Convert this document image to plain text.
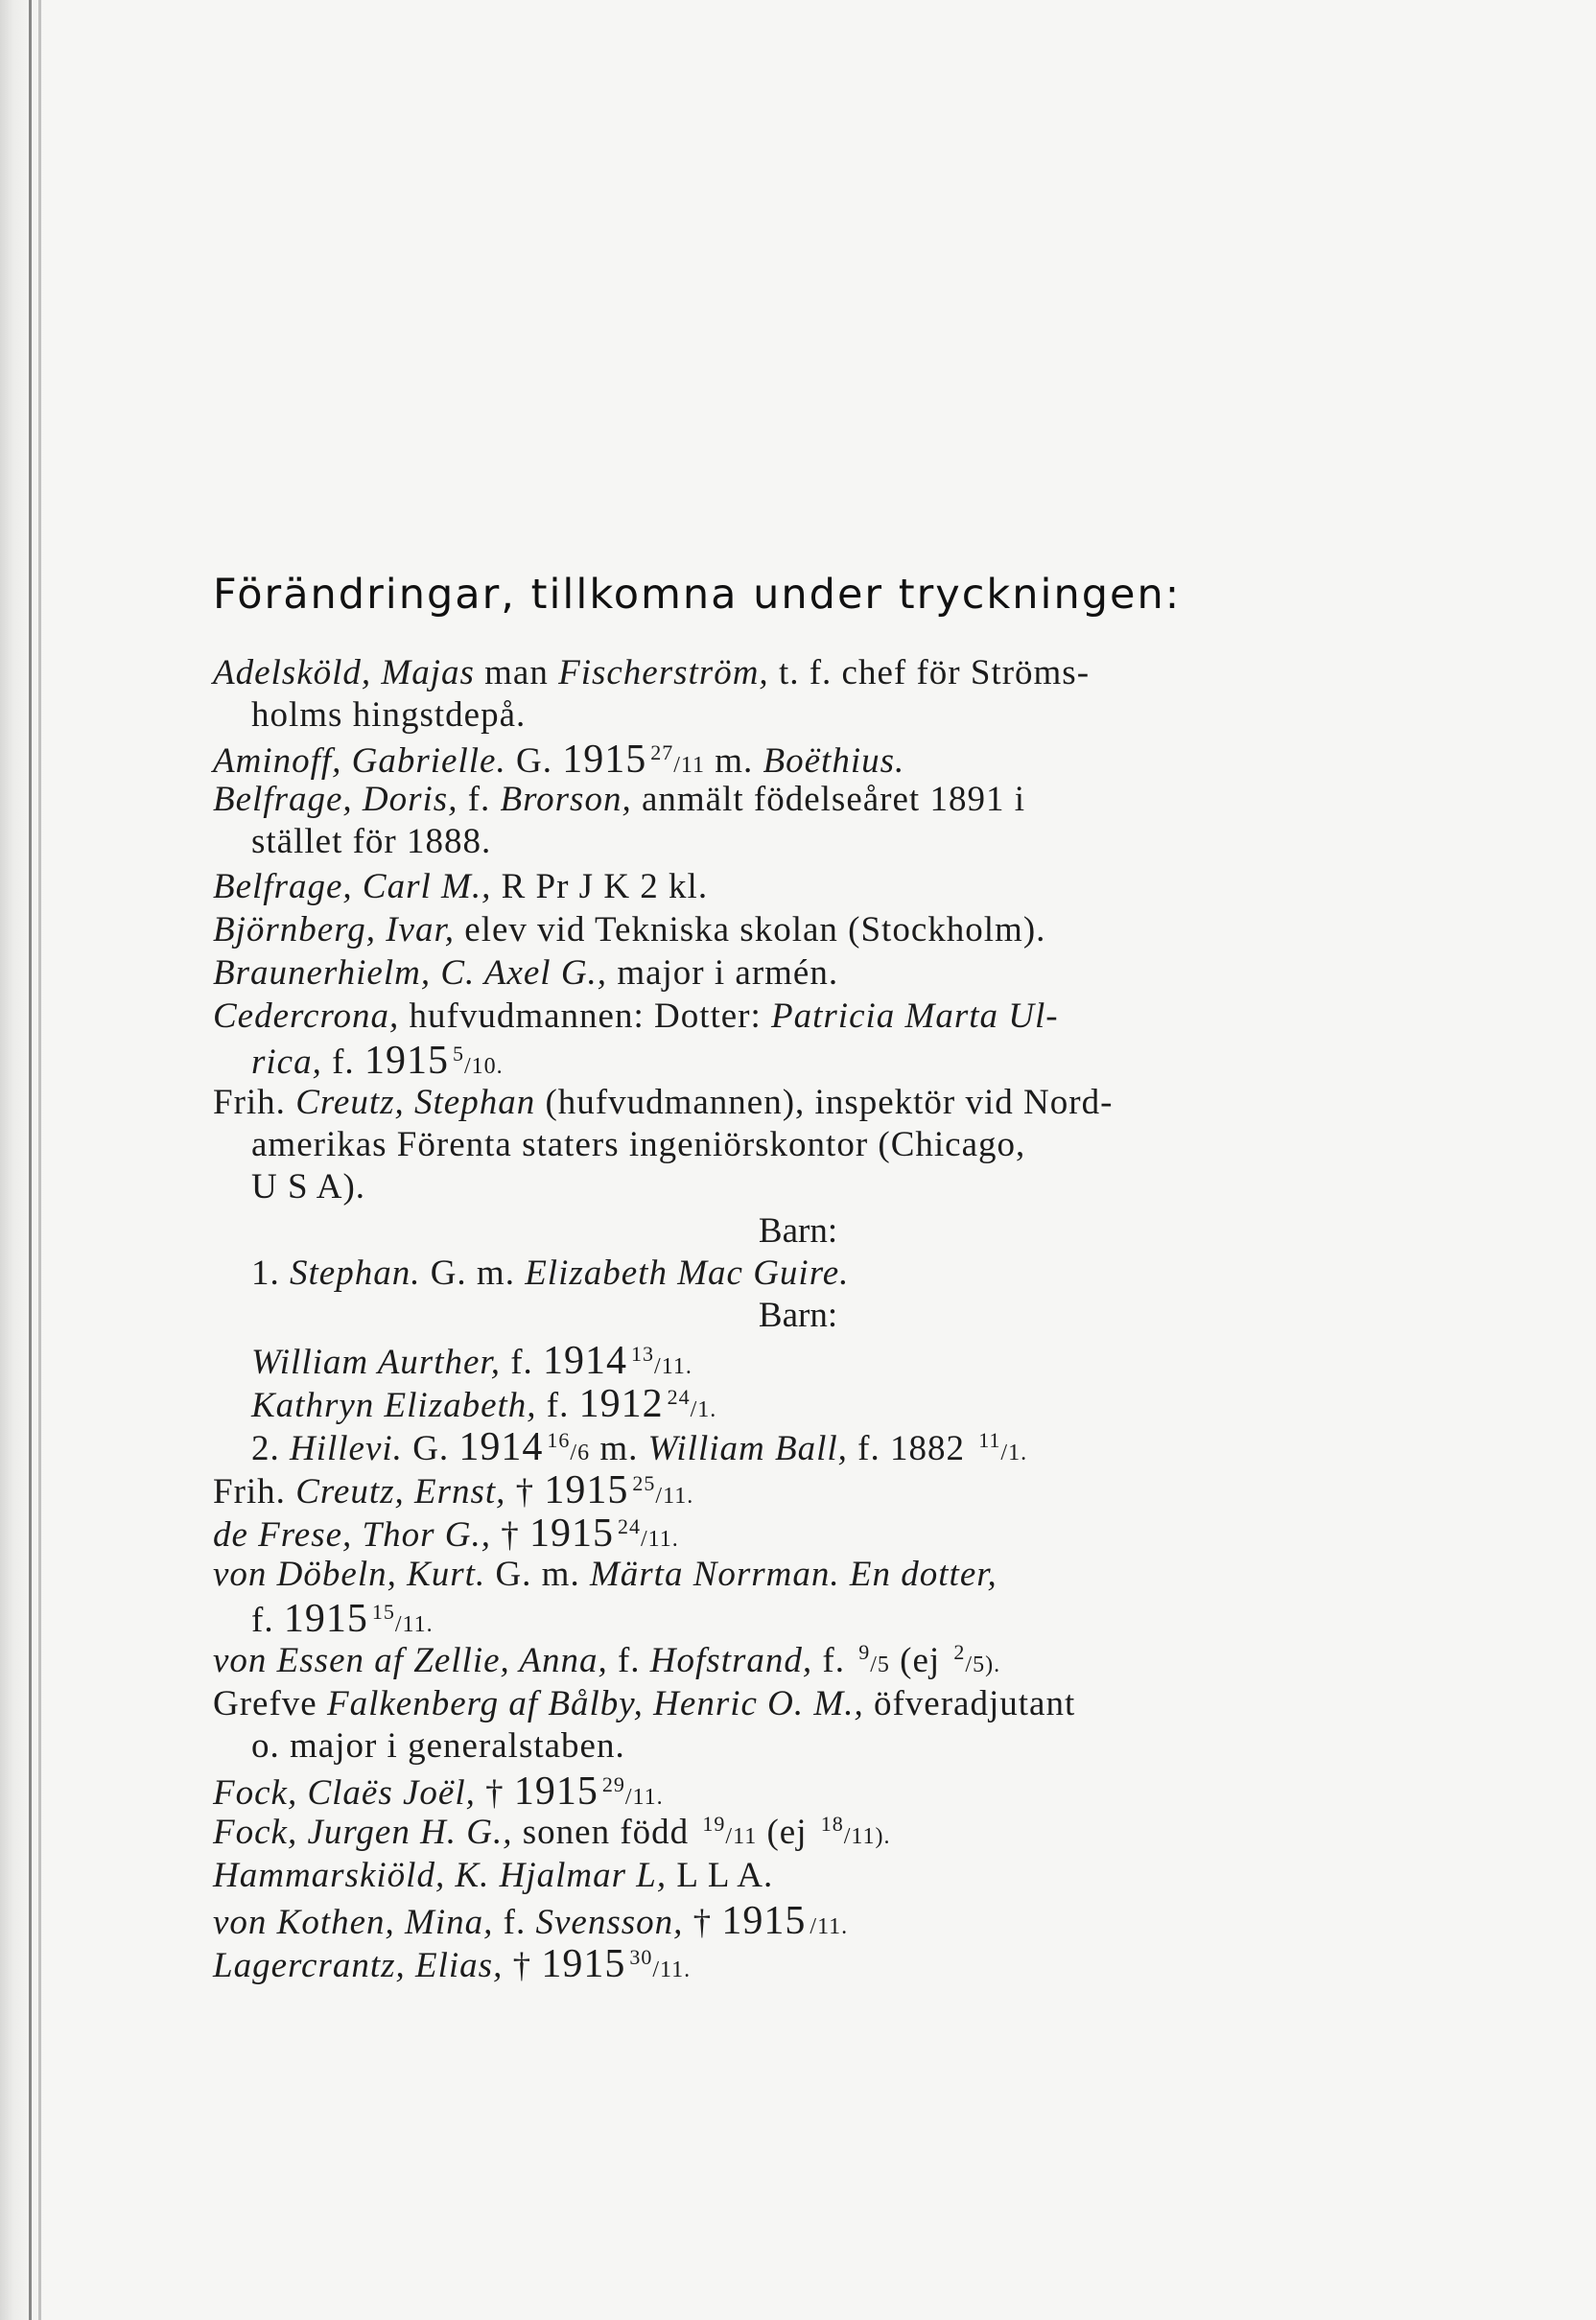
Förändringar, tillkomna under tryckningen:
Adelsköld, Majas man Fischerström, t. f. chef för Ströms-
holms hingstdepå.
Aminoff, Gabrielle. G. 1915 $^{27}$/11 m. Boëthius.
Belfrage, Doris, f. Brorson, anmält födelseåret 1891 i
stället för 1888.
Belfrage, Carl M., R Pr J K 2 kl.
Björnberg, Ivar, elev vid Tekniska skolan (Stockholm).
Braunerhielm, C. Axel G., major i armén.
Cedercrona, hufvudmannen: Dotter: Patricia Marta Ul-
rica, f. 1915 $^5$/10.
Frih. Creutz, Stephan (hufvudmannen), inspektör vid Nord-
amerikas Förenta staters ingeniörskontor (Chicago,
U S A).
Barn:
1. Stephan. G. m. Elizabeth Mac Guire.
Barn:
William Aurther, f. 1914 $^{13}$/11.
Kathryn Elizabeth, f. 1912 $^{24}$/1.
2. Hillevi. G. 1914 $^{16}$/6 m. William Ball, f. 1882 $^{11}$/1.
Frih. Creutz, Ernst, † 1915 $^{25}$/11.
de Frese, Thor G., † 1915 $^{24}$/11.
von Döbeln, Kurt. G. m. Märta Norrman. En dotter,
f. 1915 $^{15}$/11.
von Essen af Zellie, Anna, f. Hofstrand, f. $^9$/5 (ej $^2$/5).
Grefve Falkenberg af Bålby, Henric O. M., öfveradjutant
o. major i generalstaben.
Fock, Claës Joël, † 1915 $^{29}$/11.
Fock, Jurgen H. G., sonen född $^{19}$/11 (ej $^{18}$/11).
Hammarskiöld, K. Hjalmar L, L L A.
von Kothen, Mina, f. Svensson, † 1915 /11.
Lagercrantz, Elias, † 1915 $^{30}$/11.
